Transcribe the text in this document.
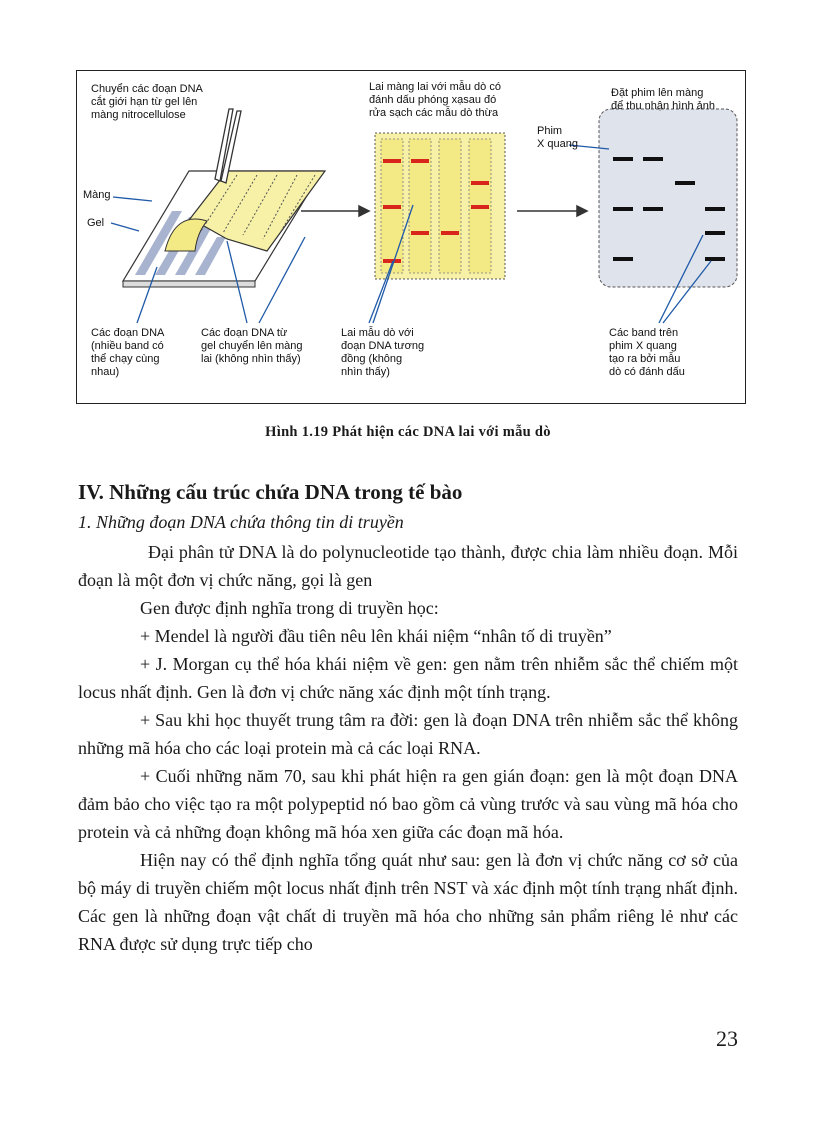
Chuyển các đoạn DNA
cắt giới hạn từ gel lên
màng nitrocellulose
Màng
Gel
Các đoạn DNA
(nhiều band có
thể chạy cùng
nhau)
Các đoạn DNA từ
gel chuyển lên màng
lai (không nhìn thấy)
Lai màng lai với mẫu dò có
đánh dấu phóng xạsau đó
rửa sạch các mẫu dò thừa
Lai mẫu dò với
đoạn DNA tương
đồng (không
nhìn thấy)
Đặt phim lên màng
để thu nhận hình ảnh
Phim
X quang
Các band trên
phim X quang
tạo ra bởi mẫu
dò có đánh dấu
Hình 1.19 Phát hiện các DNA lai với mẫu dò
IV. Những cấu trúc chứa DNA trong tế bào
1. Những đoạn DNA chứa thông tin di truyền

Đại phân tử DNA là do polynucleotide tạo thành, được chia làm nhiều đoạn. Mỗi đoạn là một đơn vị chức năng, gọi là gen

Gen được định nghĩa trong di truyền học:

+ Mendel là người đầu tiên nêu lên khái niệm “nhân tố di truyền”

+ J. Morgan cụ thể hóa khái niệm về gen: gen nằm trên nhiễm sắc thể chiếm một locus nhất định. Gen là đơn vị chức năng xác định một tính trạng.

+ Sau khi học thuyết trung tâm ra đời: gen là đoạn DNA trên nhiễm sắc thể không những mã hóa cho các loại protein mà cả các loại RNA.

+ Cuối những năm 70, sau khi phát hiện ra gen gián đoạn: gen là một đoạn DNA đảm bảo cho việc tạo ra một polypeptid nó bao gồm cả vùng trước và sau vùng mã hóa cho protein và cả những đoạn không mã hóa xen giữa các đoạn mã hóa.

Hiện nay có thể định nghĩa tổng quát như sau: gen là đơn vị chức năng cơ sở của bộ máy di truyền chiếm một locus nhất định trên NST và xác định một tính trạng nhất định. Các gen là những đoạn vật chất di truyền mã hóa cho những sản phẩm riêng lẻ như các RNA được sử dụng trực tiếp cho

23
